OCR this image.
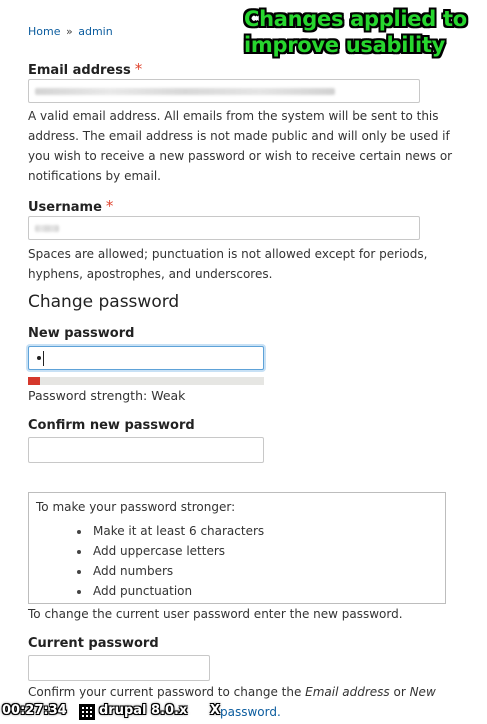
Home » admin
Changes applied to
improve usability
Email address *
A valid email address. All emails from the system will be sent to this address. The email address is not made public and will only be used if you wish to receive a new password or wish to receive certain news or notifications by email.
Username *
Spaces are allowed; punctuation is not allowed except for periods, hyphens, apostrophes, and underscores.
Change password
New password
Password strength: Weak
Confirm new password
To make your password stronger:
Make it at least 6 characters
Add uppercase letters
Add numbers
Add punctuation
To change the current user password enter the new password.
Current password
Confirm your current password to change the Email address or New
password.
00:27:34 drupal 8.0.x X
